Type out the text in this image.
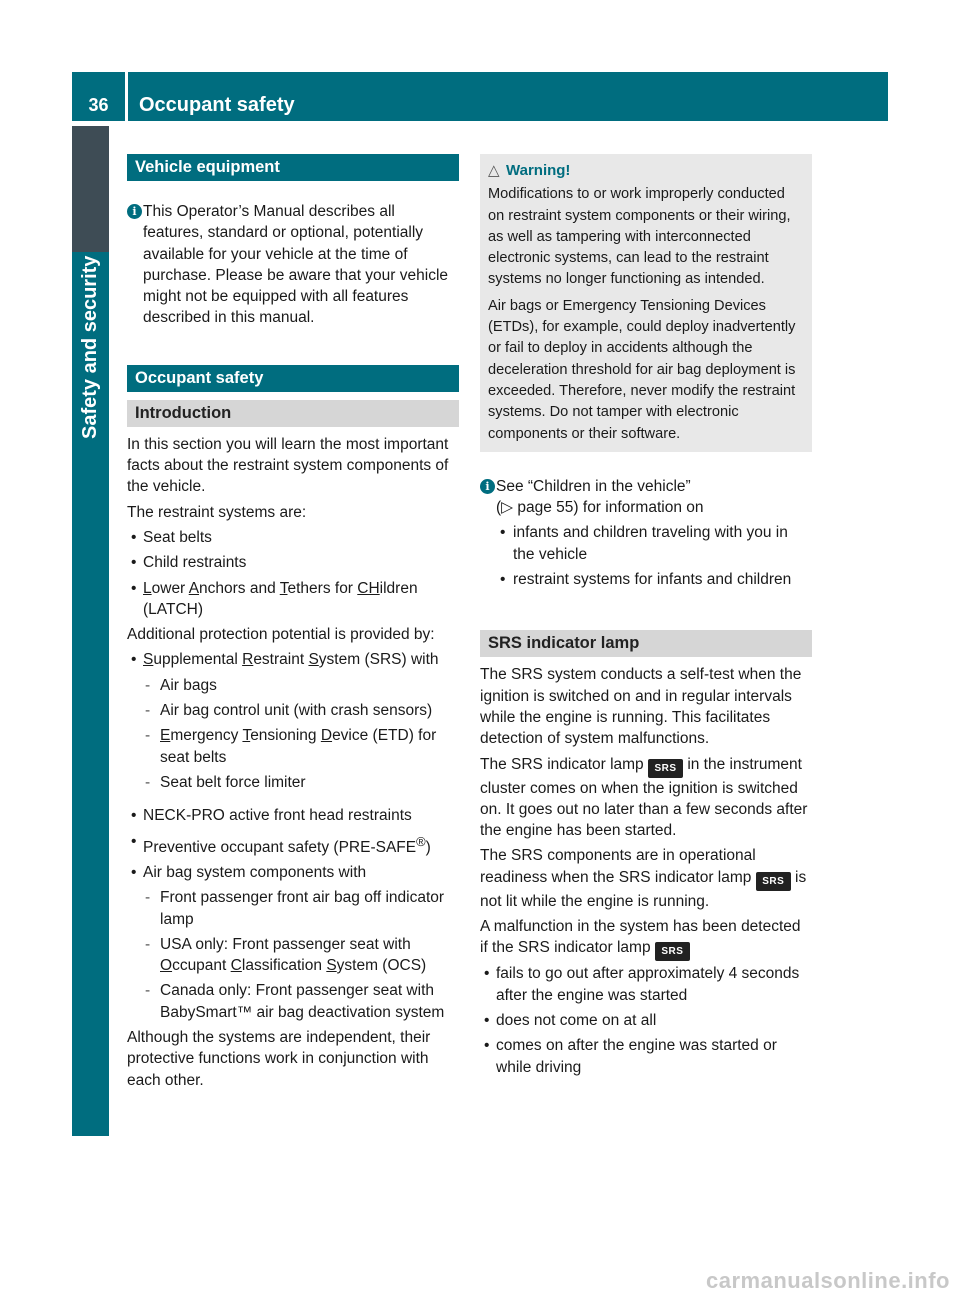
36	Occupant safety
Safety and security
Vehicle equipment

i This Operator’s Manual describes all features, standard or optional, potentially available for your vehicle at the time of purchase. Please be aware that your vehicle might not be equipped with all features described in this manual.

Occupant safety
Introduction

In this section you will learn the most important facts about the restraint system components of the vehicle.

The restraint systems are:

• Seat belts

• Child restraints

• Lower Anchors and Tethers for CHildren (LATCH)

Additional protection potential is provided by:

• Supplemental Restraint System (SRS) with

- Air bags

- Air bag control unit (with crash sensors)

- Emergency Tensioning Device (ETD) for seat belts

- Seat belt force limiter

• NECK-PRO active front head restraints

• Preventive occupant safety (PRE-SAFE®)

• Air bag system components with

- Front passenger front air bag off indicator lamp

- USA only: Front passenger seat with Occupant Classification System (OCS)

- Canada only: Front passenger seat with BabySmart™ air bag deactivation system

Although the systems are independent, their protective functions work in conjunction with each other.

△ Warning!

Modifications to or work improperly conducted on restraint system components or their wiring, as well as tampering with interconnected electronic systems, can lead to the restraint systems no longer functioning as intended.

Air bags or Emergency Tensioning Devices (ETDs), for example, could deploy inadvertently or fail to deploy in accidents although the deceleration threshold for air bag deployment is exceeded. Therefore, never modify the restraint systems. Do not tamper with electronic components or their software.

i See “Children in the vehicle”

(▷ page 55) for information on

• infants and children traveling with you in the vehicle

• restraint systems for infants and children

SRS indicator lamp

The SRS system conducts a self-test when the ignition is switched on and in regular intervals while the engine is running. This facilitates detection of system malfunctions.

The SRS indicator lamp SRS in the instrument cluster comes on when the ignition is switched on. It goes out no later than a few seconds after the engine has been started.

The SRS components are in operational readiness when the SRS indicator lamp SRS is not lit while the engine is running.

A malfunction in the system has been detected if the SRS indicator lamp SRS

• fails to go out after approximately 4 seconds after the engine was started

• does not come on at all

• comes on after the engine was started or while driving

carmanualsonline.info
